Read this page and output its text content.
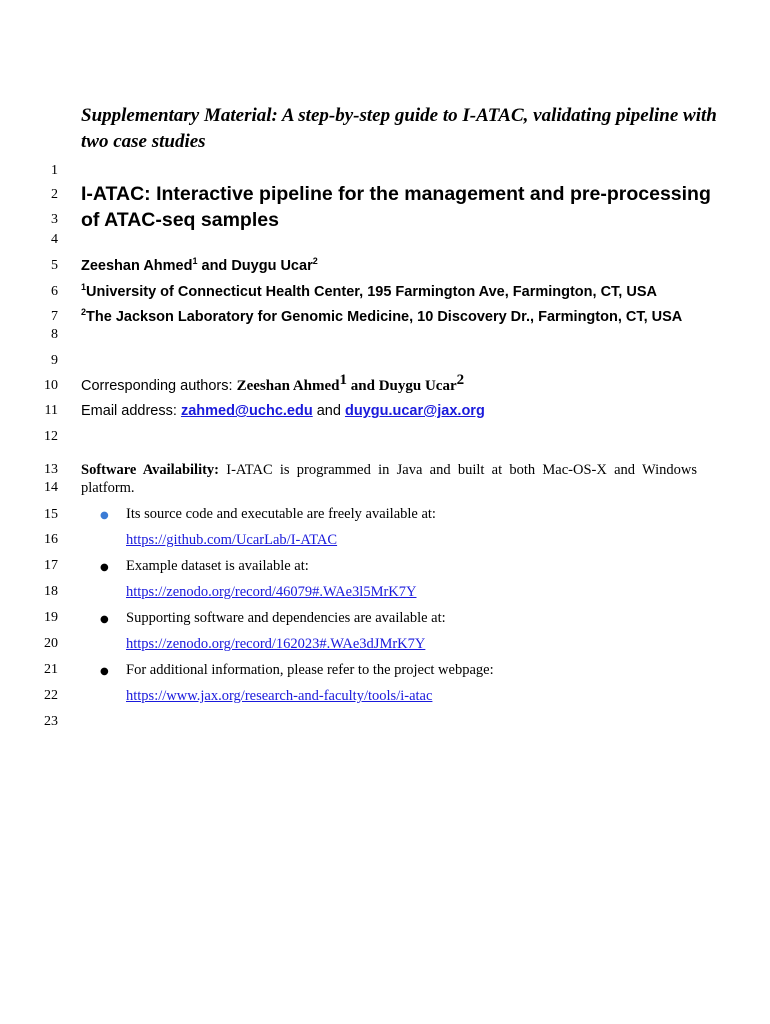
Supplementary Material: A step-by-step guide to I-ATAC, validating pipeline with two case studies
1
2
3
4
5
6
7
8
9
10
11
12
13
14
15
16
17
18
19
20
21
22
23
I-ATAC: Interactive pipeline for the management and pre-processing of ATAC-seq samples
Zeeshan Ahmed$^1$ and Duygu Ucar$^2$
$^1$University of Connecticut Health Center, 195 Farmington Ave, Farmington, CT, USA
$^2$The Jackson Laboratory for Genomic Medicine, 10 Discovery Dr., Farmington, CT, USA
Corresponding authors: Zeeshan Ahmed$^1$ and Duygu Ucar$^2$
Email address: zahmed@uchc.edu and duygu.ucar@jax.org
Software Availability: I-ATAC is programmed in Java and built at both Mac-OS-X and Windows platform.
●	Its source code and executable are freely available at:
https://github.com/UcarLab/I-ATAC
●	Example dataset is available at:
https://zenodo.org/record/46079#.WAe3l5MrK7Y
●	Supporting software and dependencies are available at:
https://zenodo.org/record/162023#.WAe3dJMrK7Y
●	For additional information, please refer to the project webpage:
https://www.jax.org/research-and-faculty/tools/i-atac
